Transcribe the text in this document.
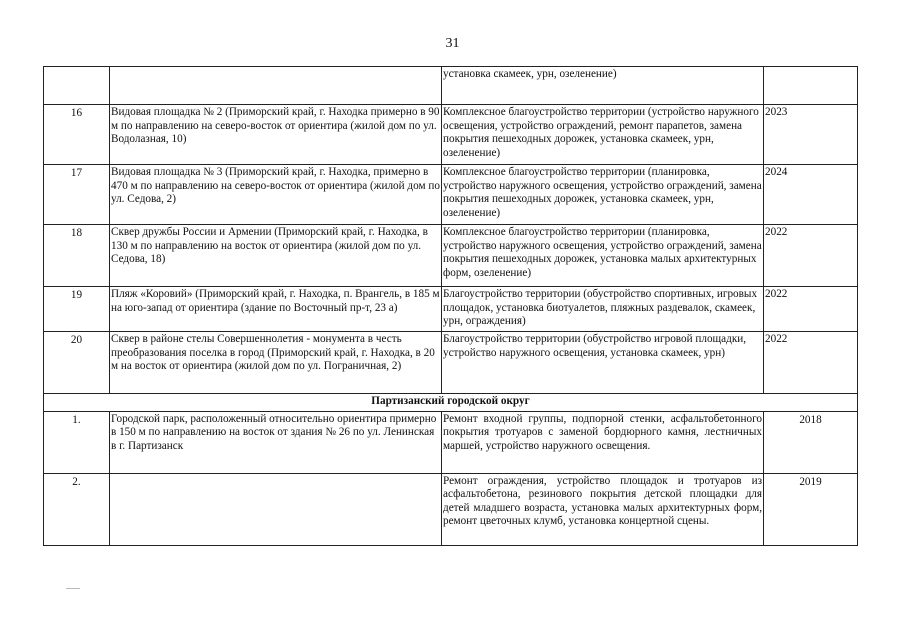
31
		установка скамеек, урн, озеленение)	
16	Видовая площадка № 2 (Приморский край, г. Находка примерно в 90 м по направлению на северо-восток от ориентира (жилой дом по ул. Водолазная, 10)	Комплексное благоустройство территории (устройство наружного освещения, устройство ограждений, ремонт парапетов, замена покрытия пешеходных дорожек, установка скамеек, урн, озеленение)	2023
17	Видовая площадка № 3 (Приморский край, г. Находка, примерно в 470 м по направлению на северо-восток от ориентира (жилой дом по ул. Седова, 2)	Комплексное благоустройство территории (планировка, устройство наружного освещения, устройство ограждений, замена покрытия пешеходных дорожек, установка скамеек, урн, озеленение)	2024
18	Сквер дружбы России и Армении (Приморский край, г. Находка, в 130 м по направлению на восток от ориентира (жилой дом по ул. Седова, 18)	Комплексное благоустройство территории (планировка, устройство наружного освещения, устройство ограждений, замена покрытия пешеходных дорожек, установка малых архитектурных форм, озеленение)	2022
19	Пляж «Коровий» (Приморский край, г. Находка, п. Врангель, в 185 м на юго-запад от ориентира (здание по Восточный пр-т, 23 а)	Благоустройство территории (обустройство спортивных, игровых площадок, установка биотуалетов, пляжных раздевалок, скамеек, урн, ограждения)	2022
20	Сквер в районе стелы Совершеннолетия - монумента в честь преобразования поселка в город (Приморский край, г. Находка, в 20 м на восток от ориентира (жилой дом по ул. Пограничная, 2)	Благоустройство территории (обустройство игровой площадки, устройство наружного освещения, установка скамеек, урн)	2022
Партизанский городской округ			
1.	Городской парк, расположенный относительно ориентира примерно в 150 м по направлению на восток от здания № 26 по ул. Ленинская в г. Партизанск	Ремонт входной группы, подпорной стенки, асфальтобетонного покрытия тротуаров с заменой бордюрного камня, лестничных маршей, устройство наружного освещения.	2018
2.		Ремонт ограждения, устройство площадок и тротуаров из асфальтобетона, резинового покрытия детской площадки для детей младшего возраста, установка малых архитектурных форм, ремонт цветочных клумб, установка концертной сцены.	2019
